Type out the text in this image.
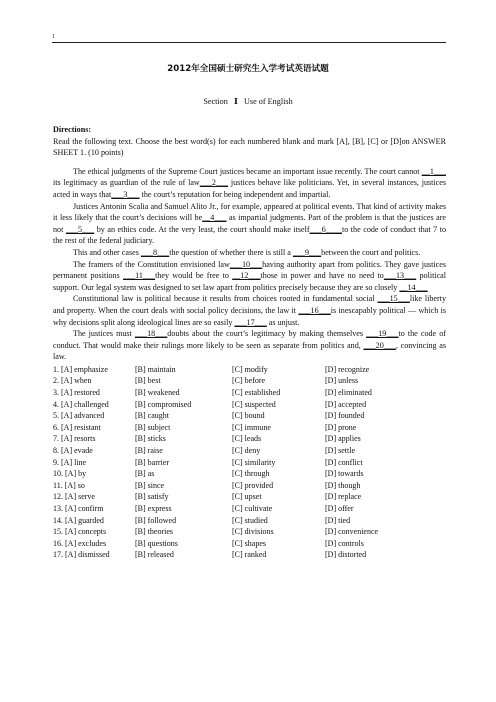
1
2012年全国硕士研究生入学考试英语试题
Section Ⅰ Use of English
Directions:

Read the following text. Choose the best word(s) for each numbered blank and mark [A], [B], [C] or [D]on ANSWER SHEET 1. (10 points)

The ethical judgments of the Supreme Court justices became an important issue recently. The court cannot __1___ its legitimacy as guardian of the rule of law___2___ justices behave like politicians. Yet, in several instances, justices acted in ways that___3___ the court’s reputation for being independent and impartial.

Justices Antonin Scalia and Samuel Alito Jr., for example, appeared at political events. That kind of activity makes it less likely that the court’s decisions will be__4___ as impartial judgments. Part of the problem is that the justices are not ___5___ by an ethics code. At the very least, the court should make itself___6____to the code of conduct that 7 to the rest of the federal judiciary.

This and other cases ___8___the question of whether there is still a ___9___between the court and politics.

The framers of the Constitution envisioned law___10___having authority apart from politics. They gave justices permanent positions ___11___they would be free to __12___those in power and have no need to___13___ political support. Our legal system was designed to set law apart from politics precisely because they are so closely __14___

Constitutional law is political because it results from choices rooted in fundamental social ___15___like liberty and property. When the court deals with social policy decisions, the law it ___16___is inescapably political — which is why decisions split along ideological lines are so easily ___17___ as unjust.

The justices must ___18___doubts about the court’s legitimacy by making themselves ___19___to the code of conduct. That would make their rulings more likely to be seen as separate from politics and, ___20___, convincing as law.

1. [A] emphasize	[B] maintain	[C] modify	[D] recognize
2. [A] when	[B] best	[C] before	[D] unless
3. [A] restored	[B] weakened	[C] established	[D] eliminated
4. [A] challenged	[B] compromised	[C] suspected	[D] accepted
5. [A] advanced	[B] caught	[C] bound	[D] founded
6. [A] resistant	[B] subject	[C] immune	[D] prone
7. [A] resorts	[B] sticks	[C] leads	[D] applies
8. [A] evade	[B] raise	[C] deny	[D] settle
9. [A] line	[B] barrier	[C] similarity	[D] conflict
10. [A] by	[B] as	[C] through	[D] towards
11. [A] so	[B] since	[C] provided	[D] though
12. [A] serve	[B] satisfy	[C] upset	[D] replace
13. [A] confirm	[B] express	[C] cultivate	[D] offer
14. [A] guarded	[B] followed	[C] studied	[D] tied
15. [A] concepts	[B] theories	[C] divisions	[D] convenience
16. [A] excludes	[B] questions	[C] shapes	[D] controls
17. [A] dismissed	[B] released	[C] ranked	[D] distorted
